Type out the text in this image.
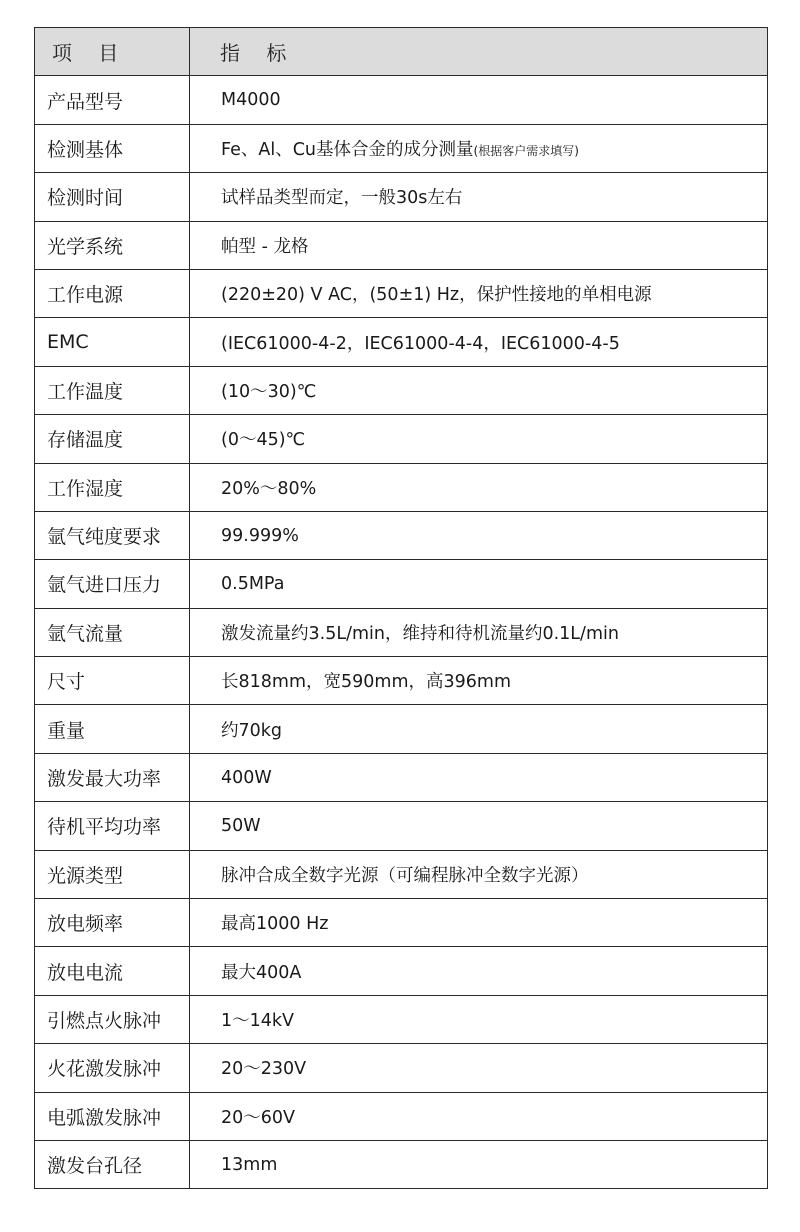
项 目	指 标
产品型号	M4000
检测基体	Fe、Al、Cu基体合金的成分测量(根据客户需求填写)
检测时间	试样品类型而定，一般30s左右
光学系统	帕型 - 龙格
工作电源	(220±20) V AC，(50±1) Hz，保护性接地的单相电源
EMC	(IEC61000-4-2，IEC61000-4-4，IEC61000-4-5
工作温度	(10～30)℃
存储温度	(0～45)℃
工作湿度	20%～80%
氩气纯度要求	99.999%
氩气进口压力	0.5MPa
氩气流量	激发流量约3.5L/min，维持和待机流量约0.1L/min
尺寸	长818mm，宽590mm，高396mm
重量	约70kg
激发最大功率	400W
待机平均功率	50W
光源类型	脉冲合成全数字光源（可编程脉冲全数字光源）
放电频率	最高1000 Hz
放电电流	最大400A
引燃点火脉冲	1～14kV
火花激发脉冲	20～230V
电弧激发脉冲	20～60V
激发台孔径	13mm
